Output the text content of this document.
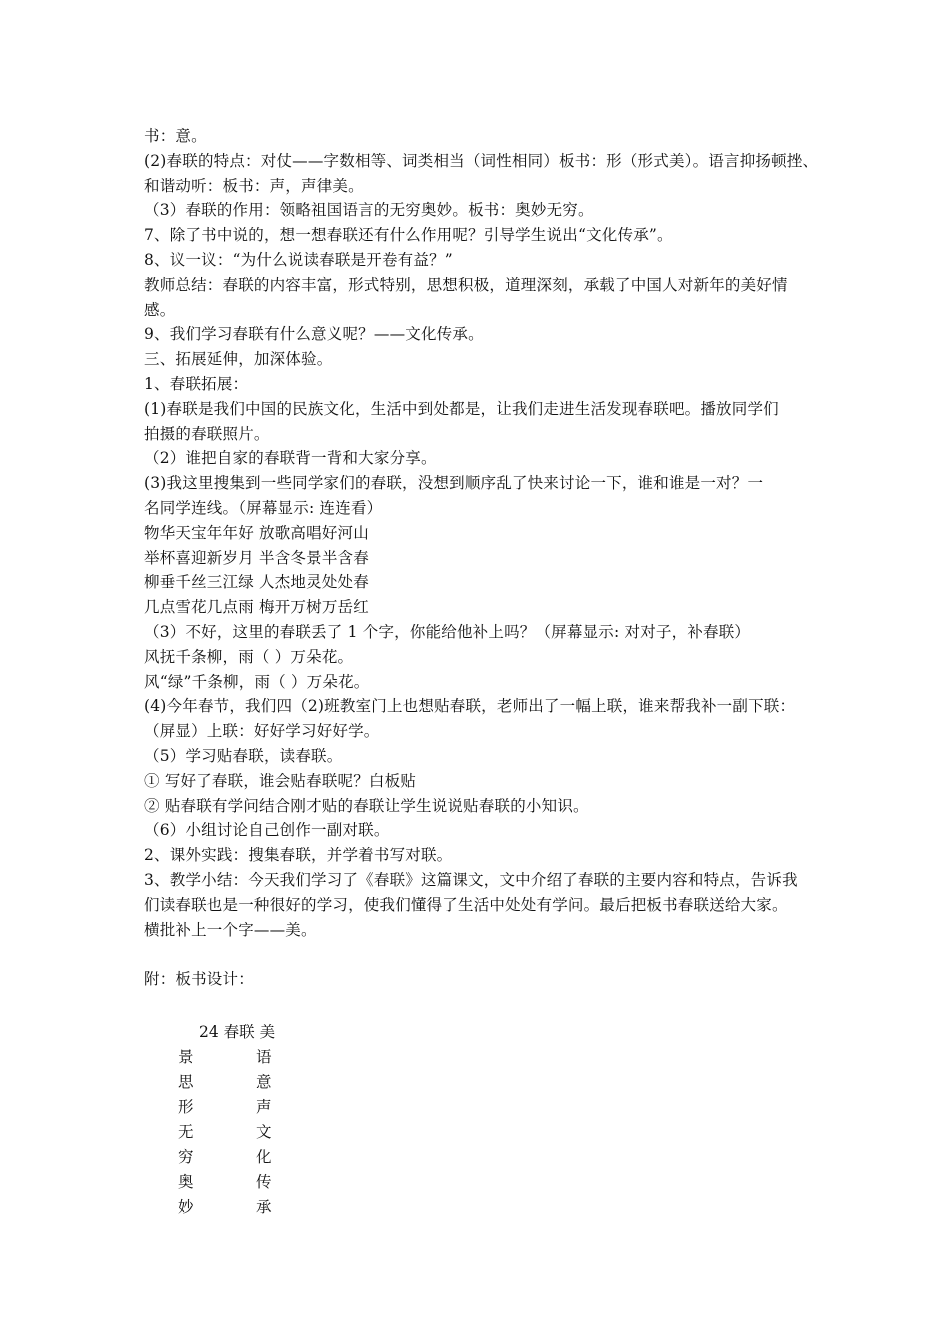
书：意。
(2)春联的特点：对仗——字数相等、词类相当（词性相同）板书：形（形式美）。语言抑扬顿挫、
和谐动听：板书：声，声律美。
（3）春联的作用：领略祖国语言的无穷奥妙。板书：奥妙无穷。
7、除了书中说的，想一想春联还有什么作用呢？引导学生说出“文化传承”。
8、议一议：“为什么说读春联是开卷有益？”
教师总结：春联的内容丰富，形式特别，思想积极，道理深刻，承载了中国人对新年的美好情
感。
9、我们学习春联有什么意义呢？——文化传承。
三、拓展延伸，加深体验。
1、春联拓展：
(1)春联是我们中国的民族文化，生活中到处都是，让我们走进生活发现春联吧。播放同学们
拍摄的春联照片。
（2）谁把自家的春联背一背和大家分享。
(3)我这里搜集到一些同学家们的春联，没想到顺序乱了快来讨论一下，谁和谁是一对？一
名同学连线。（屏幕显示: 连连看）
物华天宝年年好 放歌高唱好河山
举杯喜迎新岁月 半含冬景半含春
柳垂千丝三江绿 人杰地灵处处春
几点雪花几点雨 梅开万树万岳红
（3）不好，这里的春联丢了 1 个字，你能给他补上吗？（屏幕显示: 对对子，补春联）
风抚千条柳，雨（ ）万朵花。
风“绿”千条柳，雨（ ）万朵花。
(4)今年春节，我们四（2)班教室门上也想贴春联，老师出了一幅上联，谁来帮我补一副下联：
（屏显）上联：好好学习好好学。
（5）学习贴春联，读春联。
① 写好了春联，谁会贴春联呢？白板贴
② 贴春联有学问结合刚才贴的春联让学生说说贴春联的小知识。
（6）小组讨论自己创作一副对联。
2、课外实践：搜集春联，并学着书写对联。
3、教学小结：今天我们学习了《春联》这篇课文，文中介绍了春联的主要内容和特点，告诉我
们读春联也是一种很好的学习，使我们懂得了生活中处处有学问。最后把板书春联送给大家。
横批补上一个字——美。
附：板书设计：
24 春联 美
景	语
思	意
形	声
无	文
穷	化
奥	传
妙	承
